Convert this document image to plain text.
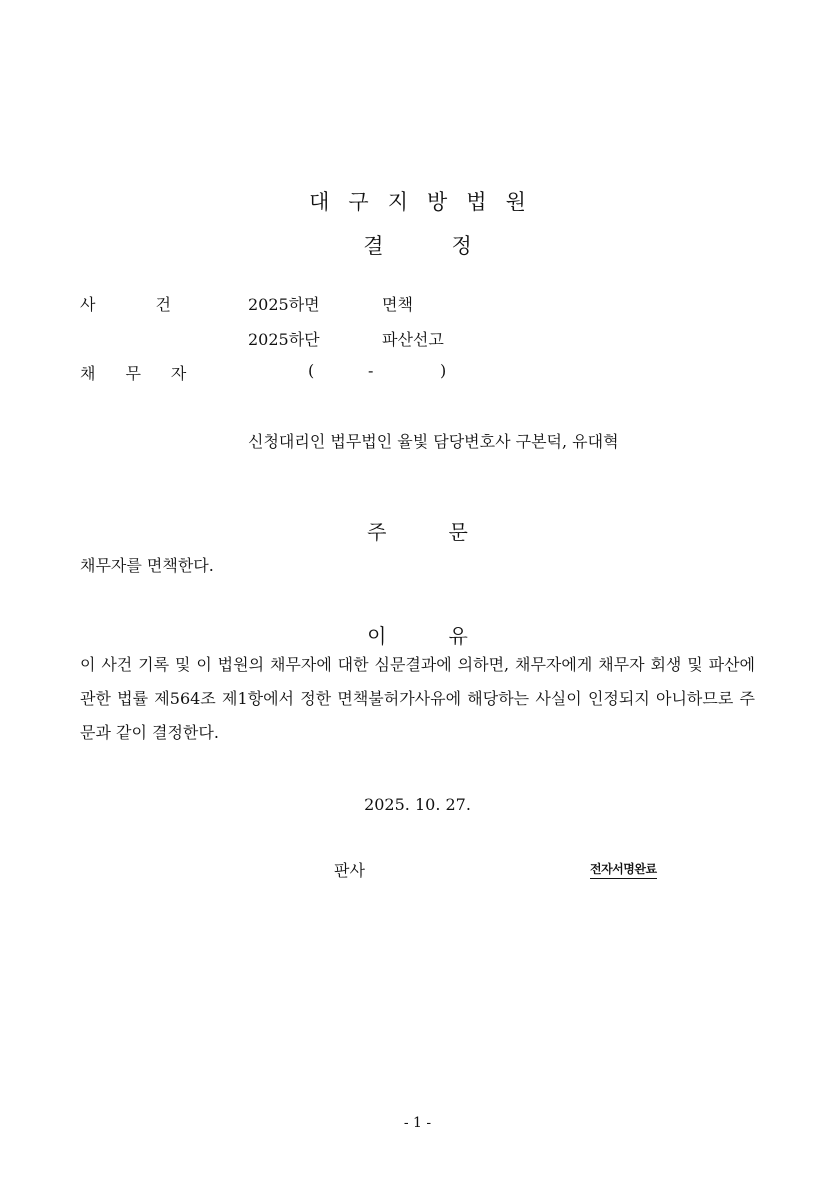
대구지방법원
결정
사건 2025하면	면책
2025하단	파산선고
채무자	(	-	)
신청대리인 법무법인 율빛 담당변호사 구본덕, 유대혁
주문
채무자를 면책한다.
이유
이 사건 기록 및 이 법원의 채무자에 대한 심문결과에 의하면, 채무자에게 채무자 회생 및 파산에 관한 법률 제564조 제1항에서 정한 면책불허가사유에 해당하는 사실이 인정되지 아니하므로 주문과 같이 결정한다.
2025. 10. 27.
판사	전자서명완료
- 1 -
